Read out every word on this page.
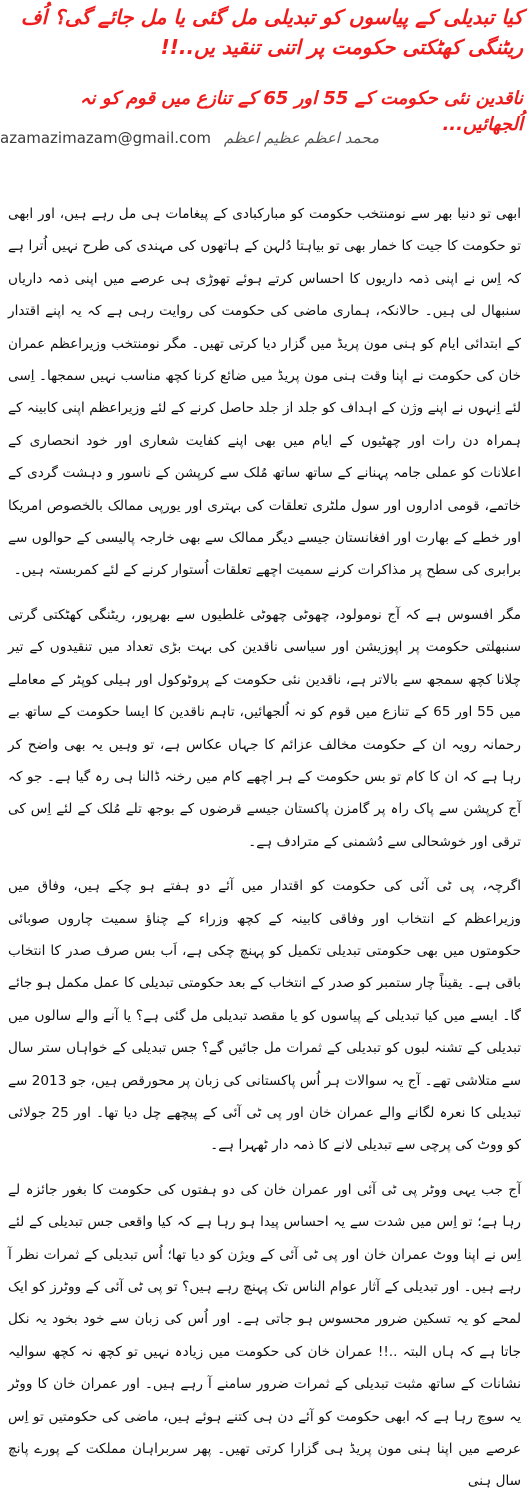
کیا تبدیلی کے پیاسوں کو تبدیلی مل گئی یا مل جائے گی؟ اُف ریٹنگی کھٹکتی حکومت پر اتنی تنقید یں..!!
ناقدین نئی حکومت کے 55 اور 65 کے تنازع میں قوم کو نہ اُلجھائیں...
azamazimazam@gmail.com محمد اعظم عظیم اعظم

ابھی تو دنیا بھر سے نومنتخب حکومت کو مبارکبادی کے پیغامات ہی مل رہے ہیں، اور ابھی تو حکومت کا جیت کا خمار بھی تو بیاہتا دُلہن کے ہاتھوں کی مہندی کی طرح نہیں اُترا ہے کہ اِس نے اپنی ذمہ داریوں کا احساس کرتے ہوئے تھوڑی ہی عرصے میں اپنی ذمہ داریاں سنبھال لی ہیں۔ حالانکہ، ہماری ماضی کی حکومت کی روایت رہی ہے کہ یہ اپنے اقتدار کے ابتدائی ایام کو ہنی مون پریڈ میں گزار دیا کرتی تھیں۔ مگر نومنتخب وزیراعظم عمران خان کی حکومت نے اپنا وقت ہنی مون پریڈ میں ضائع کرنا کچھ مناسب نہیں سمجھا۔ اِسی لئے اِنہوں نے اپنے وژن کے اہداف کو جلد از جلد حاصل کرنے کے لئے وزیراعظم اپنی کابینہ کے ہمراہ دن رات اور چھٹیوں کے ایام میں بھی اپنے کفایت شعاری اور خود انحصاری کے اعلانات کو عملی جامہ پہنانے کے ساتھ ساتھ مُلک سے کرپشن کے ناسور و دہشت گردی کے خاتمے، قومی اداروں اور سول ملٹری تعلقات کی بہتری اور یورپی ممالک بالخصوص امریکا اور خطے کے بھارت اور افغانستان جیسے دیگر ممالک سے بھی خارجہ پالیسی کے حوالوں سے برابری کی سطح پر مذاکرات کرنے سمیت اچھے تعلقات اُستوار کرنے کے لئے کمربستہ ہیں۔

مگر افسوس ہے کہ آج نومولود، چھوٹی چھوٹی غلطیوں سے بھرپور، ریٹنگی کھٹکتی گرتی سنبھلتی حکومت پر اپوزیشن اور سیاسی ناقدین کی بہت بڑی تعداد میں تنقیدوں کے تیر چلانا کچھ سمجھ سے بالاتر ہے، ناقدین نئی حکومت کے پروٹوکول اور ہیلی کوپٹر کے معاملے میں 55 اور 65 کے تنازع میں قوم کو نہ اُلجھائیں، تاہم ناقدین کا ایسا حکومت کے ساتھ بے رحمانہ رویہ ان کے حکومت مخالف عزائم کا جہاں عکاس ہے، تو وہیں یہ بھی واضح کر رہا ہے کہ ان کا کام تو بس حکومت کے ہر اچھے کام میں رخنہ ڈالنا ہی رہ گیا ہے۔ جو کہ آج کرپشن سے پاک راہ پر گامزن پاکستان جیسے قرضوں کے بوجھ تلے مُلک کے لئے اِس کی ترقی اور خوشحالی سے دُشمنی کے مترادف ہے۔

اگرچہ، پی ٹی آئی کی حکومت کو اقتدار میں آئے دو ہفتے ہو چکے ہیں، وفاق میں وزیراعظم کے انتخاب اور وفاقی کابینہ کے کچھ وزراء کے چناؤ سمیت چاروں صوبائی حکومتوں میں بھی حکومتی تبدیلی تکمیل کو پہنچ چکی ہے، اَب بس صرف صدر کا انتخاب باقی ہے۔ یقیناً چار ستمبر کو صدر کے انتخاب کے بعد حکومتی تبدیلی کا عمل مکمل ہو جائے گا۔ ایسے میں کیا تبدیلی کے پیاسوں کو یا مقصد تبدیلی مل گئی ہے؟ یا آنے والے سالوں میں تبدیلی کے تشنہ لبوں کو تبدیلی کے ثمرات مل جائیں گے؟ جس تبدیلی کے خواہاں ستر سال سے متلاشی تھے۔ آج یہ سوالات ہر اُس پاکستانی کی زبان پر محورقص ہیں، جو 2013 سے تبدیلی کا نعرہ لگانے والے عمران خان اور پی ٹی آئی کے پیچھے چل دیا تھا۔ اور 25 جولائی کو ووٹ کی پرچی سے تبدیلی لانے کا ذمہ دار ٹھہرا ہے۔

آج جب یہی ووٹر پی ٹی آئی اور عمران خان کی دو ہفتوں کی حکومت کا بغور جائزہ لے رہا ہے؛ تو اِس میں شدت سے یہ احساس پیدا ہو رہا ہے کہ کیا واقعی جس تبدیلی کے لئے اِس نے اپنا ووٹ عمران خان اور پی ٹی آئی کے ویژن کو دیا تھا؛ اُس تبدیلی کے ثمرات نظر آ رہے ہیں۔ اور تبدیلی کے آثار عوام الناس تک پہنچ رہے ہیں؟ تو پی ٹی آئی کے ووٹرز کو ایک لمحے کو یہ تسکین ضرور محسوس ہو جاتی ہے۔ اور اُس کی زبان سے خود بخود یہ نکل جاتا ہے کہ ہاں البتہ ..!! عمران خان کی حکومت میں زیادہ نہیں تو کچھ نہ کچھ سوالیہ نشانات کے ساتھ مثبت تبدیلی کے ثمرات ضرور سامنے آ رہے ہیں۔ اور عمران خان کا ووٹر یہ سوچ رہا ہے کہ ابھی حکومت کو آئے دن ہی کتنے ہوئے ہیں، ماضی کی حکومتیں تو اِس عرصے میں اپنا ہنی مون پریڈ ہی گزارا کرتی تھیں۔ پھر سربراہان مملکت کے پورے پانچ سال ہنی
